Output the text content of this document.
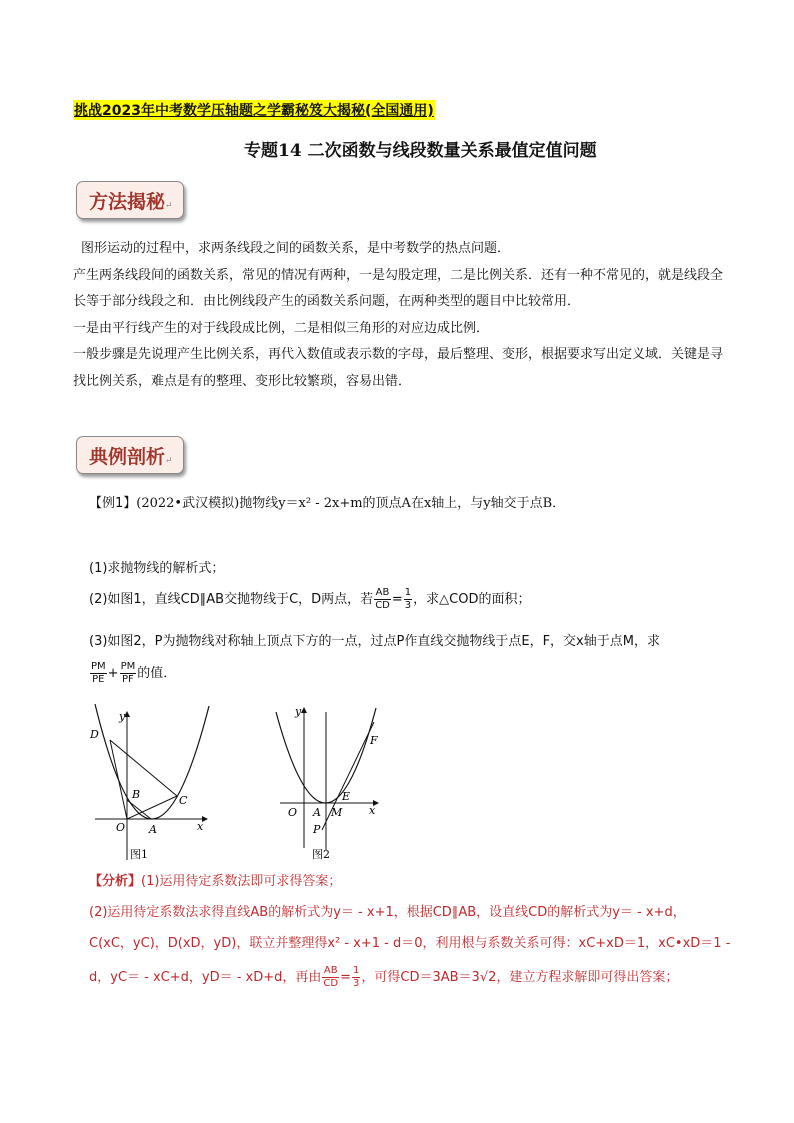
挑战2023年中考数学压轴题之学霸秘笈大揭秘(全国通用)
专题14 二次函数与线段数量关系最值定值问题
方法揭秘↵

图形运动的过程中，求两条线段之间的函数关系，是中考数学的热点问题．

产生两条线段间的函数关系，常见的情况有两种，一是勾股定理，二是比例关系．还有一种不常见的，就是线段全长等于部分线段之和．由比例线段产生的函数关系问题，在两种类型的题目中比较常用．

一是由平行线产生的对于线段成比例，二是相似三角形的对应边成比例．

一般步骤是先说理产生比例关系，再代入数值或表示数的字母，最后整理、变形，根据要求写出定义域．关键是寻找比例关系，难点是有的整理、变形比较繁琐，容易出错．

典例剖析↵
【例1】(2022•武汉模拟)抛物线y＝x² - 2x+m的顶点A在x轴上，与y轴交于点B．
(1)求抛物线的解析式；
(2)如图1，直线CD∥AB交抛物线于C，D两点，若 $\frac{AB}{CD} = \frac{1}{3}$ ，求△COD的面积；
(3)如图2，P为抛物线对称轴上顶点下方的一点，过点P作直线交抛物线于点E，F，交x轴于点M，求
$\frac{PM}{PE} + \frac{PM}{PF}$ 的值．
y
x
O A
B	C
D
图1
y
x
O A M
E
F
P
图2
【分析】(1)运用待定系数法即可求得答案；
(2)运用待定系数法求得直线AB的解析式为y＝ - x+1，根据CD∥AB，设直线CD的解析式为y＝ - x+d，
C(xC，yC)，D(xD，yD)，联立并整理得x² - x+1 - d＝0，利用根与系数关系可得：xC+xD＝1，xC•xD＝1 -
d，yC＝ - xC+d，yD＝ - xD+d，再由 $\frac{AB}{CD} = \frac{1}{3}$ ，可得CD＝3AB＝3√2，建立方程求解即可得出答案；
